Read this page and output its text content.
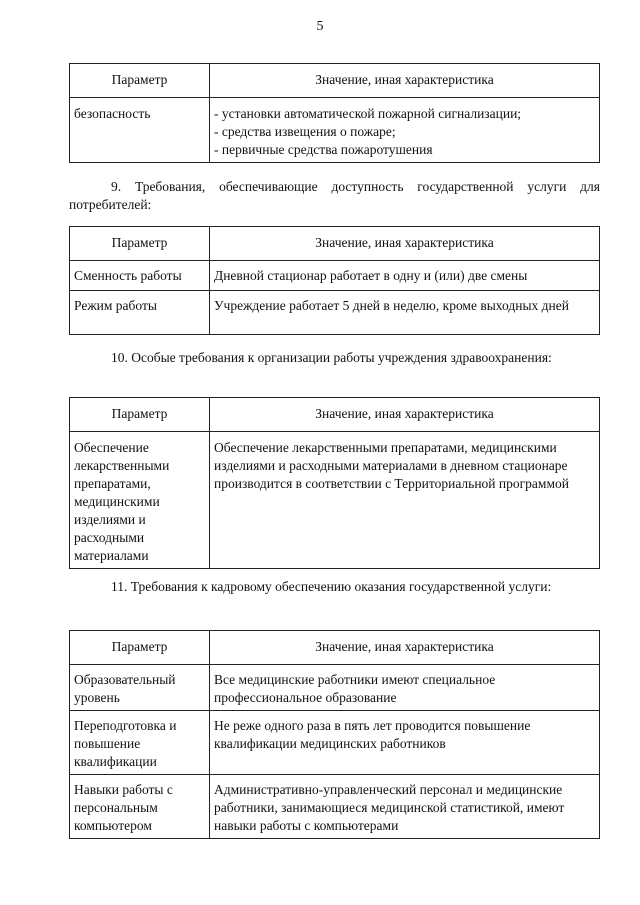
5
Параметр	Значение, иная характеристика
безопасность	- установки автоматической пожарной сигнализации;
- средства извещения о пожаре;
- первичные средства пожаротушения
9. Требования, обеспечивающие доступность государственной услуги для потребителей:
Параметр	Значение, иная характеристика
Сменность работы	Дневной стационар работает в одну и (или) две смены
Режим работы	Учреждение работает 5 дней в неделю, кроме выходных дней
10. Особые требования к организации работы учреждения здравоохранения:
Параметр	Значение, иная характеристика
Обеспечение лекарственными препаратами, медицинскими изделиями и расходными материалами	Обеспечение лекарственными препаратами, медицинскими изделиями и расходными материалами в дневном стационаре производится в соответствии с Территориальной программой
11. Требования к кадровому обеспечению оказания государственной услуги:
Параметр	Значение, иная характеристика
Образовательный уровень	Все медицинские работники имеют специальное профессиональное образование
Переподготовка и повышение квалификации	Не реже одного раза в пять лет проводится повышение квалификации медицинских работников
Навыки работы с персональным компьютером	Административно-управленческий персонал и медицинские работники, занимающиеся медицинской статистикой, имеют навыки работы с компьютерами
